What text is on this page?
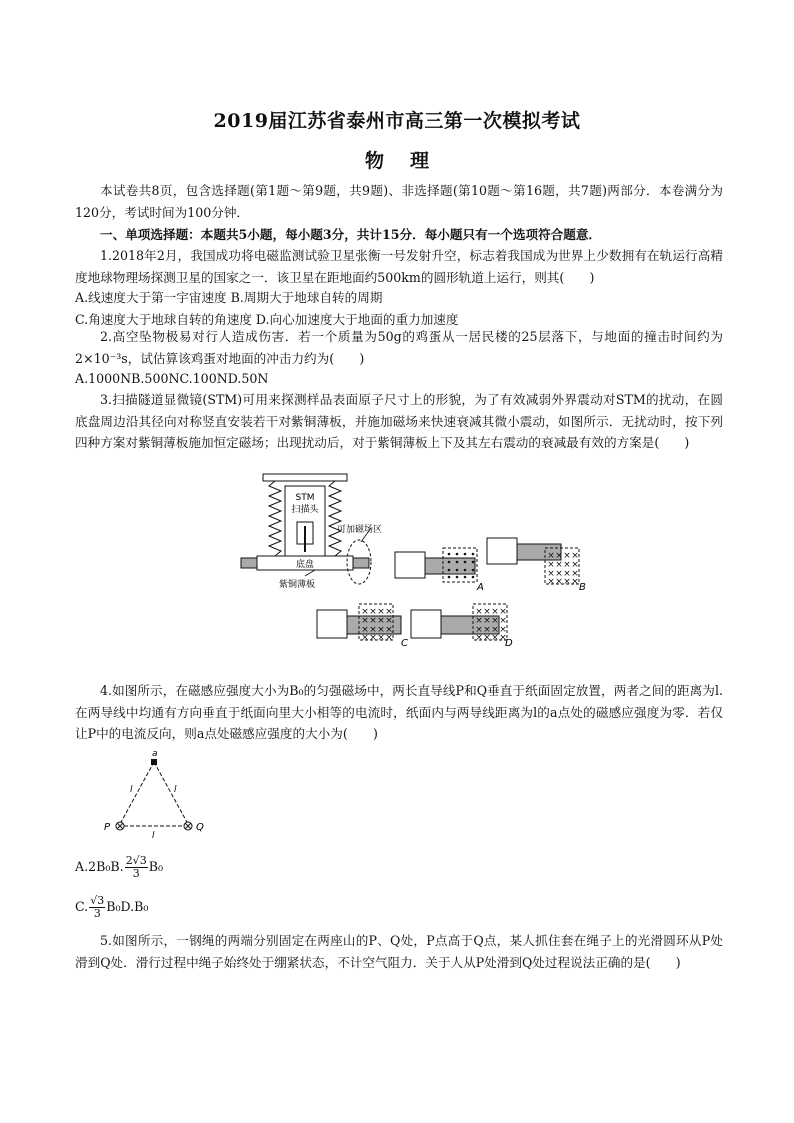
2019届江苏省泰州市高三第一次模拟考试
物理
本试卷共8页，包含选择题(第1题～第9题，共9题)、非选择题(第10题～第16题，共7题)两部分．本卷满分为120分，考试时间为100分钟．
一、单项选择题：本题共5小题，每小题3分，共计15分．每小题只有一个选项符合题意．
1.2018年2月，我国成功将电磁监测试验卫星张衡一号发射升空，标志着我国成为世界上少数拥有在轨运行高精度地球物理场探测卫星的国家之一．该卫星在距地面约500km的圆形轨道上运行，则其(　　)
A.线速度大于第一宇宙速度 B.周期大于地球自转的周期
C.角速度大于地球自转的角速度 D.向心加速度大于地面的重力加速度
2.高空坠物极易对行人造成伤害．若一个质量为50g的鸡蛋从一居民楼的25层落下，与地面的撞击时间约为2×10⁻³s，试估算该鸡蛋对地面的冲击力约为(　　)
A.1000NB.500NC.100ND.50N
3.扫描隧道显微镜(STM)可用来探测样品表面原子尺寸上的形貌，为了有效减弱外界震动对STM的扰动，在圆底盘周边沿其径向对称竖直安装若干对紫铜薄板，并施加磁场来快速衰减其微小震动，如图所示．无扰动时，按下列四种方案对紫铜薄板施加恒定磁场；出现扰动后，对于紫铜薄板上下及其左右震动的衰减最有效的方案是(　　)
STM
扫描头
底盘
可加磁场区
紫铜薄板	A
× × × ×
× × × ×
× × × ×
× × × × B
× × × ×
× × × ×
× × × ×
× × × × C
× × × ×
× × × ×
× × × ×
× × × ×
D
4.如图所示，在磁感应强度大小为B₀的匀强磁场中，两长直导线P和Q垂直于纸面固定放置，两者之间的距离为l.在两导线中均通有方向垂直于纸面向里大小相等的电流时，纸面内与两导线距离为l的a点处的磁感应强度为零．若仅让P中的电流反向，则a点处磁感应强度的大小为(　　)
a
P	Q
l	l
l
A.2B₀B. $\frac{2√3}{3} B_0$
C. $\frac{√3}{3} B_0D.B_0$
5.如图所示，一钢绳的两端分别固定在两座山的P、Q处，P点高于Q点，某人抓住套在绳子上的光滑圆环从P处滑到Q处．滑行过程中绳子始终处于绷紧状态，不计空气阻力．关于人从P处滑到Q处过程说法正确的是(　　)
